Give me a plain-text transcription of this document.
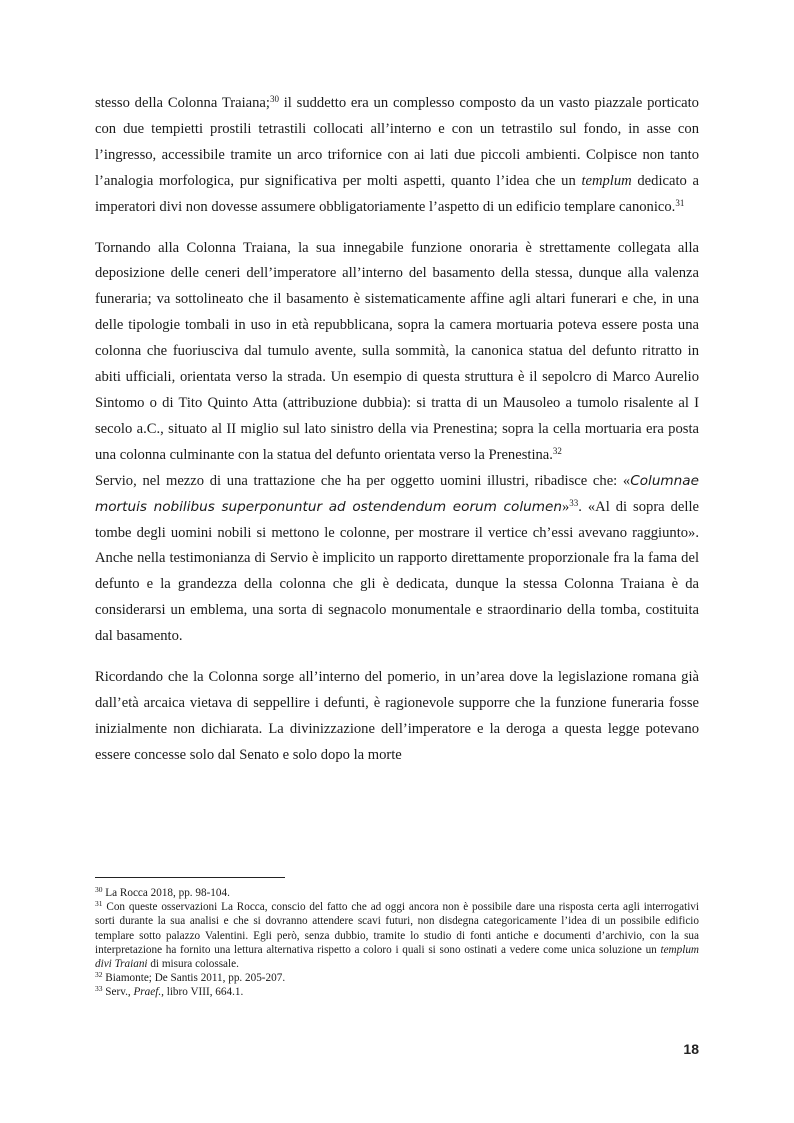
stesso della Colonna Traiana;$^{30}$ il suddetto era un complesso composto da un vasto piazzale porticato con due tempietti prostili tetrastili collocati all’interno e con un tetrastilo sul fondo, in asse con l’ingresso, accessibile tramite un arco trifornice con ai lati due piccoli ambienti. Colpisce non tanto l’analogia morfologica, pur significativa per molti aspetti, quanto l’idea che un templum dedicato a imperatori divi non dovesse assumere obbligatoriamente l’aspetto di un edificio templare canonico.$^{31}$

Tornando alla Colonna Traiana, la sua innegabile funzione onoraria è strettamente collegata alla deposizione delle ceneri dell’imperatore all’interno del basamento della stessa, dunque alla valenza funeraria; va sottolineato che il basamento è sistematicamente affine agli altari funerari e che, in una delle tipologie tombali in uso in età repubblicana, sopra la camera mortuaria poteva essere posta una colonna che fuoriusciva dal tumulo avente, sulla sommità, la canonica statua del defunto ritratto in abiti ufficiali, orientata verso la strada. Un esempio di questa struttura è il sepolcro di Marco Aurelio Sintomo o di Tito Quinto Atta (attribuzione dubbia): si tratta di un Mausoleo a tumolo risalente al I secolo a.C., situato al II miglio sul lato sinistro della via Prenestina; sopra la cella mortuaria era posta una colonna culminante con la statua del defunto orientata verso la Prenestina.$^{32}$

Servio, nel mezzo di una trattazione che ha per oggetto uomini illustri, ribadisce che: «Columnae mortuis nobilibus superponuntur ad ostendendum eorum columen»$^{33}$. «Al di sopra delle tombe degli uomini nobili si mettono le colonne, per mostrare il vertice ch’essi avevano raggiunto». Anche nella testimonianza di Servio è implicito un rapporto direttamente proporzionale fra la fama del defunto e la grandezza della colonna che gli è dedicata, dunque la stessa Colonna Traiana è da considerarsi un emblema, una sorta di segnacolo monumentale e straordinario della tomba, costituita dal basamento.

Ricordando che la Colonna sorge all’interno del pomerio, in un’area dove la legislazione romana già dall’età arcaica vietava di seppellire i defunti, è ragionevole supporre che la funzione funeraria fosse inizialmente non dichiarata. La divinizzazione dell’imperatore e la deroga a questa legge potevano essere concesse solo dal Senato e solo dopo la morte

$^{30}$ La Rocca 2018, pp. 98-104.

$^{31}$ Con queste osservazioni La Rocca, conscio del fatto che ad oggi ancora non è possibile dare una risposta certa agli interrogativi sorti durante la sua analisi e che si dovranno attendere scavi futuri, non disdegna categoricamente l’idea di un possibile edificio templare sotto palazzo Valentini. Egli però, senza dubbio, tramite lo studio di fonti antiche e documenti d’archivio, con la sua interpretazione ha fornito una lettura alternativa rispetto a coloro i quali si sono ostinati a vedere come unica soluzione un templum divi Traiani di misura colossale.

$^{32}$ Biamonte; De Santis 2011, pp. 205-207.

$^{33}$ Serv., Praef., libro VIII, 664.1.

18
